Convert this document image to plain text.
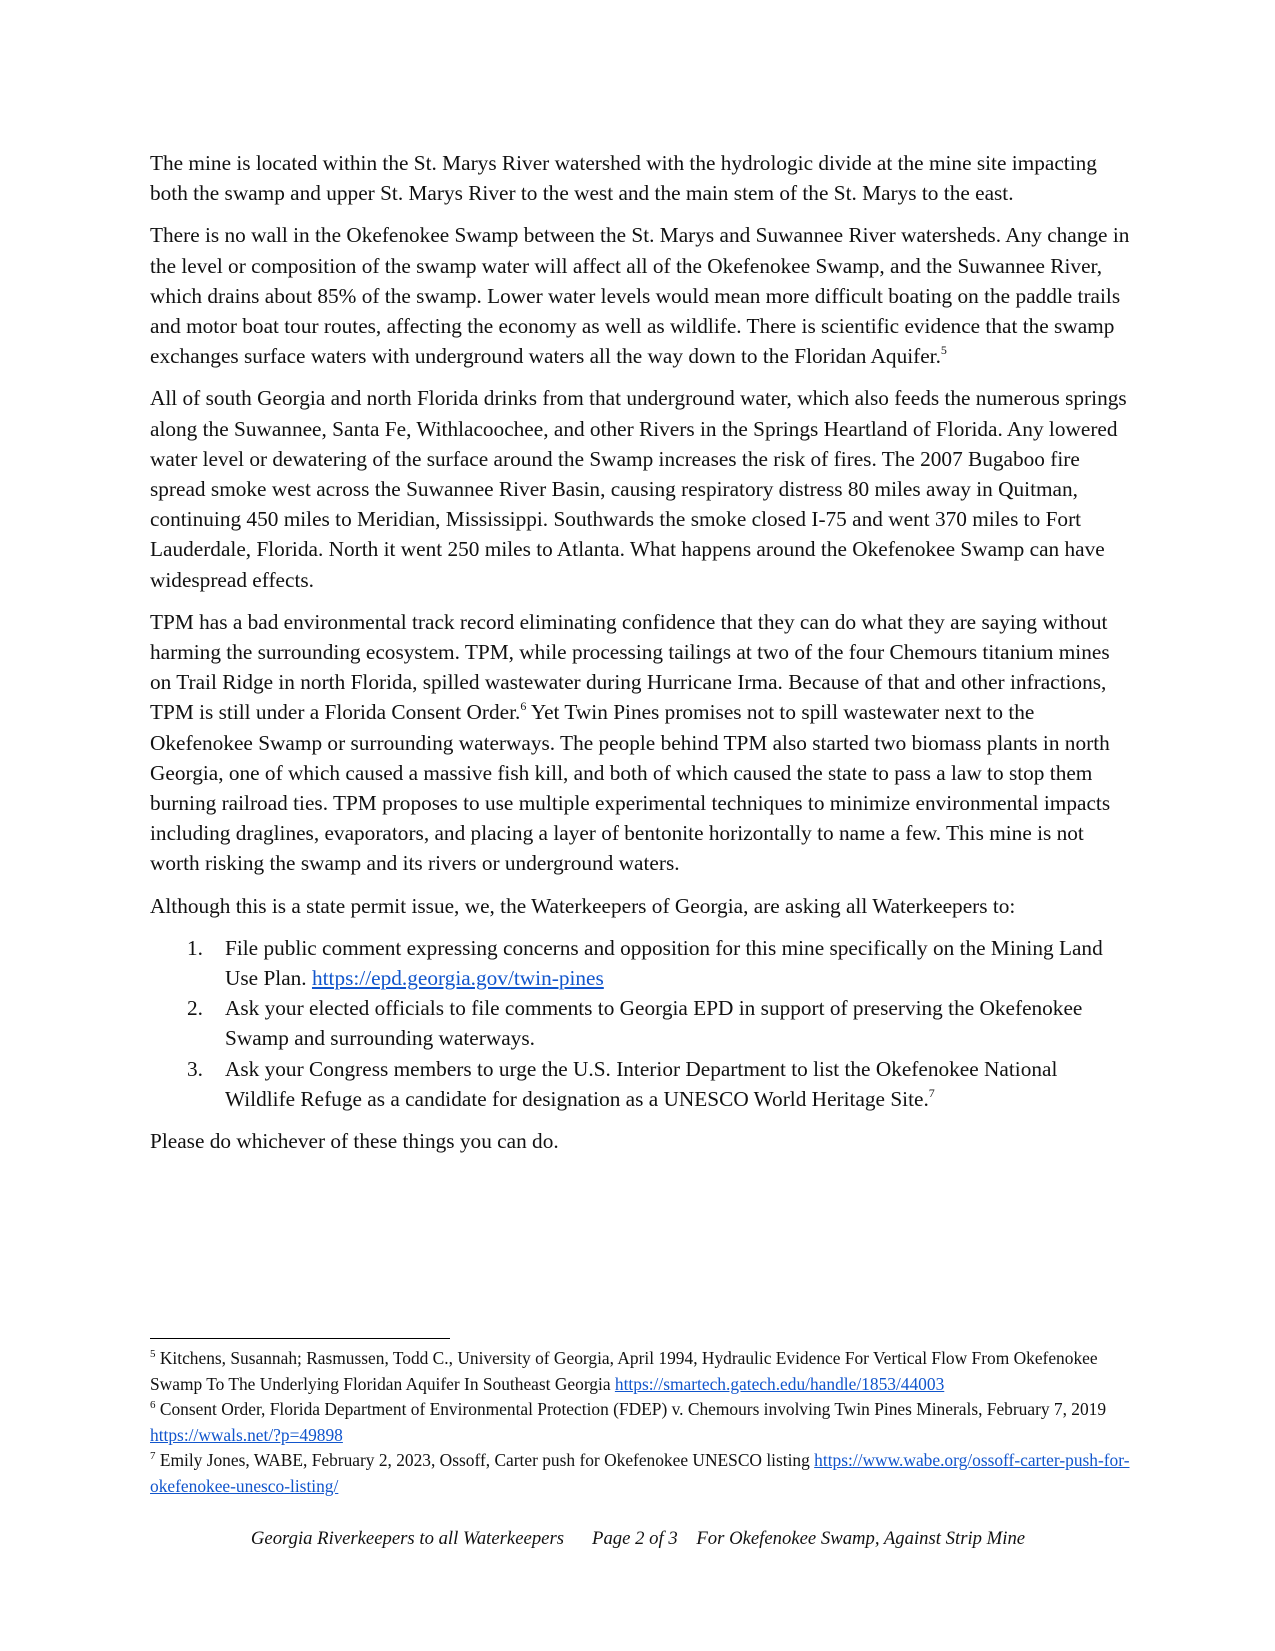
The mine is located within the St. Marys River watershed with the hydrologic divide at the mine site impacting both the swamp and upper St. Marys River to the west and the main stem of the St. Marys to the east.

There is no wall in the Okefenokee Swamp between the St. Marys and Suwannee River watersheds. Any change in the level or composition of the swamp water will affect all of the Okefenokee Swamp, and the Suwannee River, which drains about 85% of the swamp. Lower water levels would mean more difficult boating on the paddle trails and motor boat tour routes, affecting the economy as well as wildlife. There is scientific evidence that the swamp exchanges surface waters with underground waters all the way down to the Floridan Aquifer.$^5$

All of south Georgia and north Florida drinks from that underground water, which also feeds the numerous springs along the Suwannee, Santa Fe, Withlacoochee, and other Rivers in the Springs Heartland of Florida. Any lowered water level or dewatering of the surface around the Swamp increases the risk of fires. The 2007 Bugaboo fire spread smoke west across the Suwannee River Basin, causing respiratory distress 80 miles away in Quitman, continuing 450 miles to Meridian, Mississippi. Southwards the smoke closed I-75 and went 370 miles to Fort Lauderdale, Florida. North it went 250 miles to Atlanta. What happens around the Okefenokee Swamp can have widespread effects.

TPM has a bad environmental track record eliminating confidence that they can do what they are saying without harming the surrounding ecosystem. TPM, while processing tailings at two of the four Chemours titanium mines on Trail Ridge in north Florida, spilled wastewater during Hurricane Irma. Because of that and other infractions, TPM is still under a Florida Consent Order.$^6$ Yet Twin Pines promises not to spill wastewater next to the Okefenokee Swamp or surrounding waterways. The people behind TPM also started two biomass plants in north Georgia, one of which caused a massive fish kill, and both of which caused the state to pass a law to stop them burning railroad ties. TPM proposes to use multiple experimental techniques to minimize environmental impacts including draglines, evaporators, and placing a layer of bentonite horizontally to name a few. This mine is not worth risking the swamp and its rivers or underground waters.

Although this is a state permit issue, we, the Waterkeepers of Georgia, are asking all Waterkeepers to:

1. File public comment expressing concerns and opposition for this mine specifically on the Mining Land Use Plan. https://epd.georgia.gov/twin-pines
2. Ask your elected officials to file comments to Georgia EPD in support of preserving the Okefenokee Swamp and surrounding waterways.
3. Ask your Congress members to urge the U.S. Interior Department to list the Okefenokee National Wildlife Refuge as a candidate for designation as a UNESCO World Heritage Site.$^7$

Please do whichever of these things you can do.

$^5$ Kitchens, Susannah; Rasmussen, Todd C., University of Georgia, April 1994, Hydraulic Evidence For Vertical Flow From Okefenokee Swamp To The Underlying Floridan Aquifer In Southeast Georgia https://smartech.gatech.edu/handle/1853/44003

$^6$ Consent Order, Florida Department of Environmental Protection (FDEP) v. Chemours involving Twin Pines Minerals, February 7, 2019 https://wwals.net/?p=49898

$^7$ Emily Jones, WABE, February 2, 2023, Ossoff, Carter push for Okefenokee UNESCO listing https://www.wabe.org/ossoff-carter-push-for-okefenokee-unesco-listing/

Georgia Riverkeepers to all Waterkeepers Page 2 of 3 For Okefenokee Swamp, Against Strip Mine
